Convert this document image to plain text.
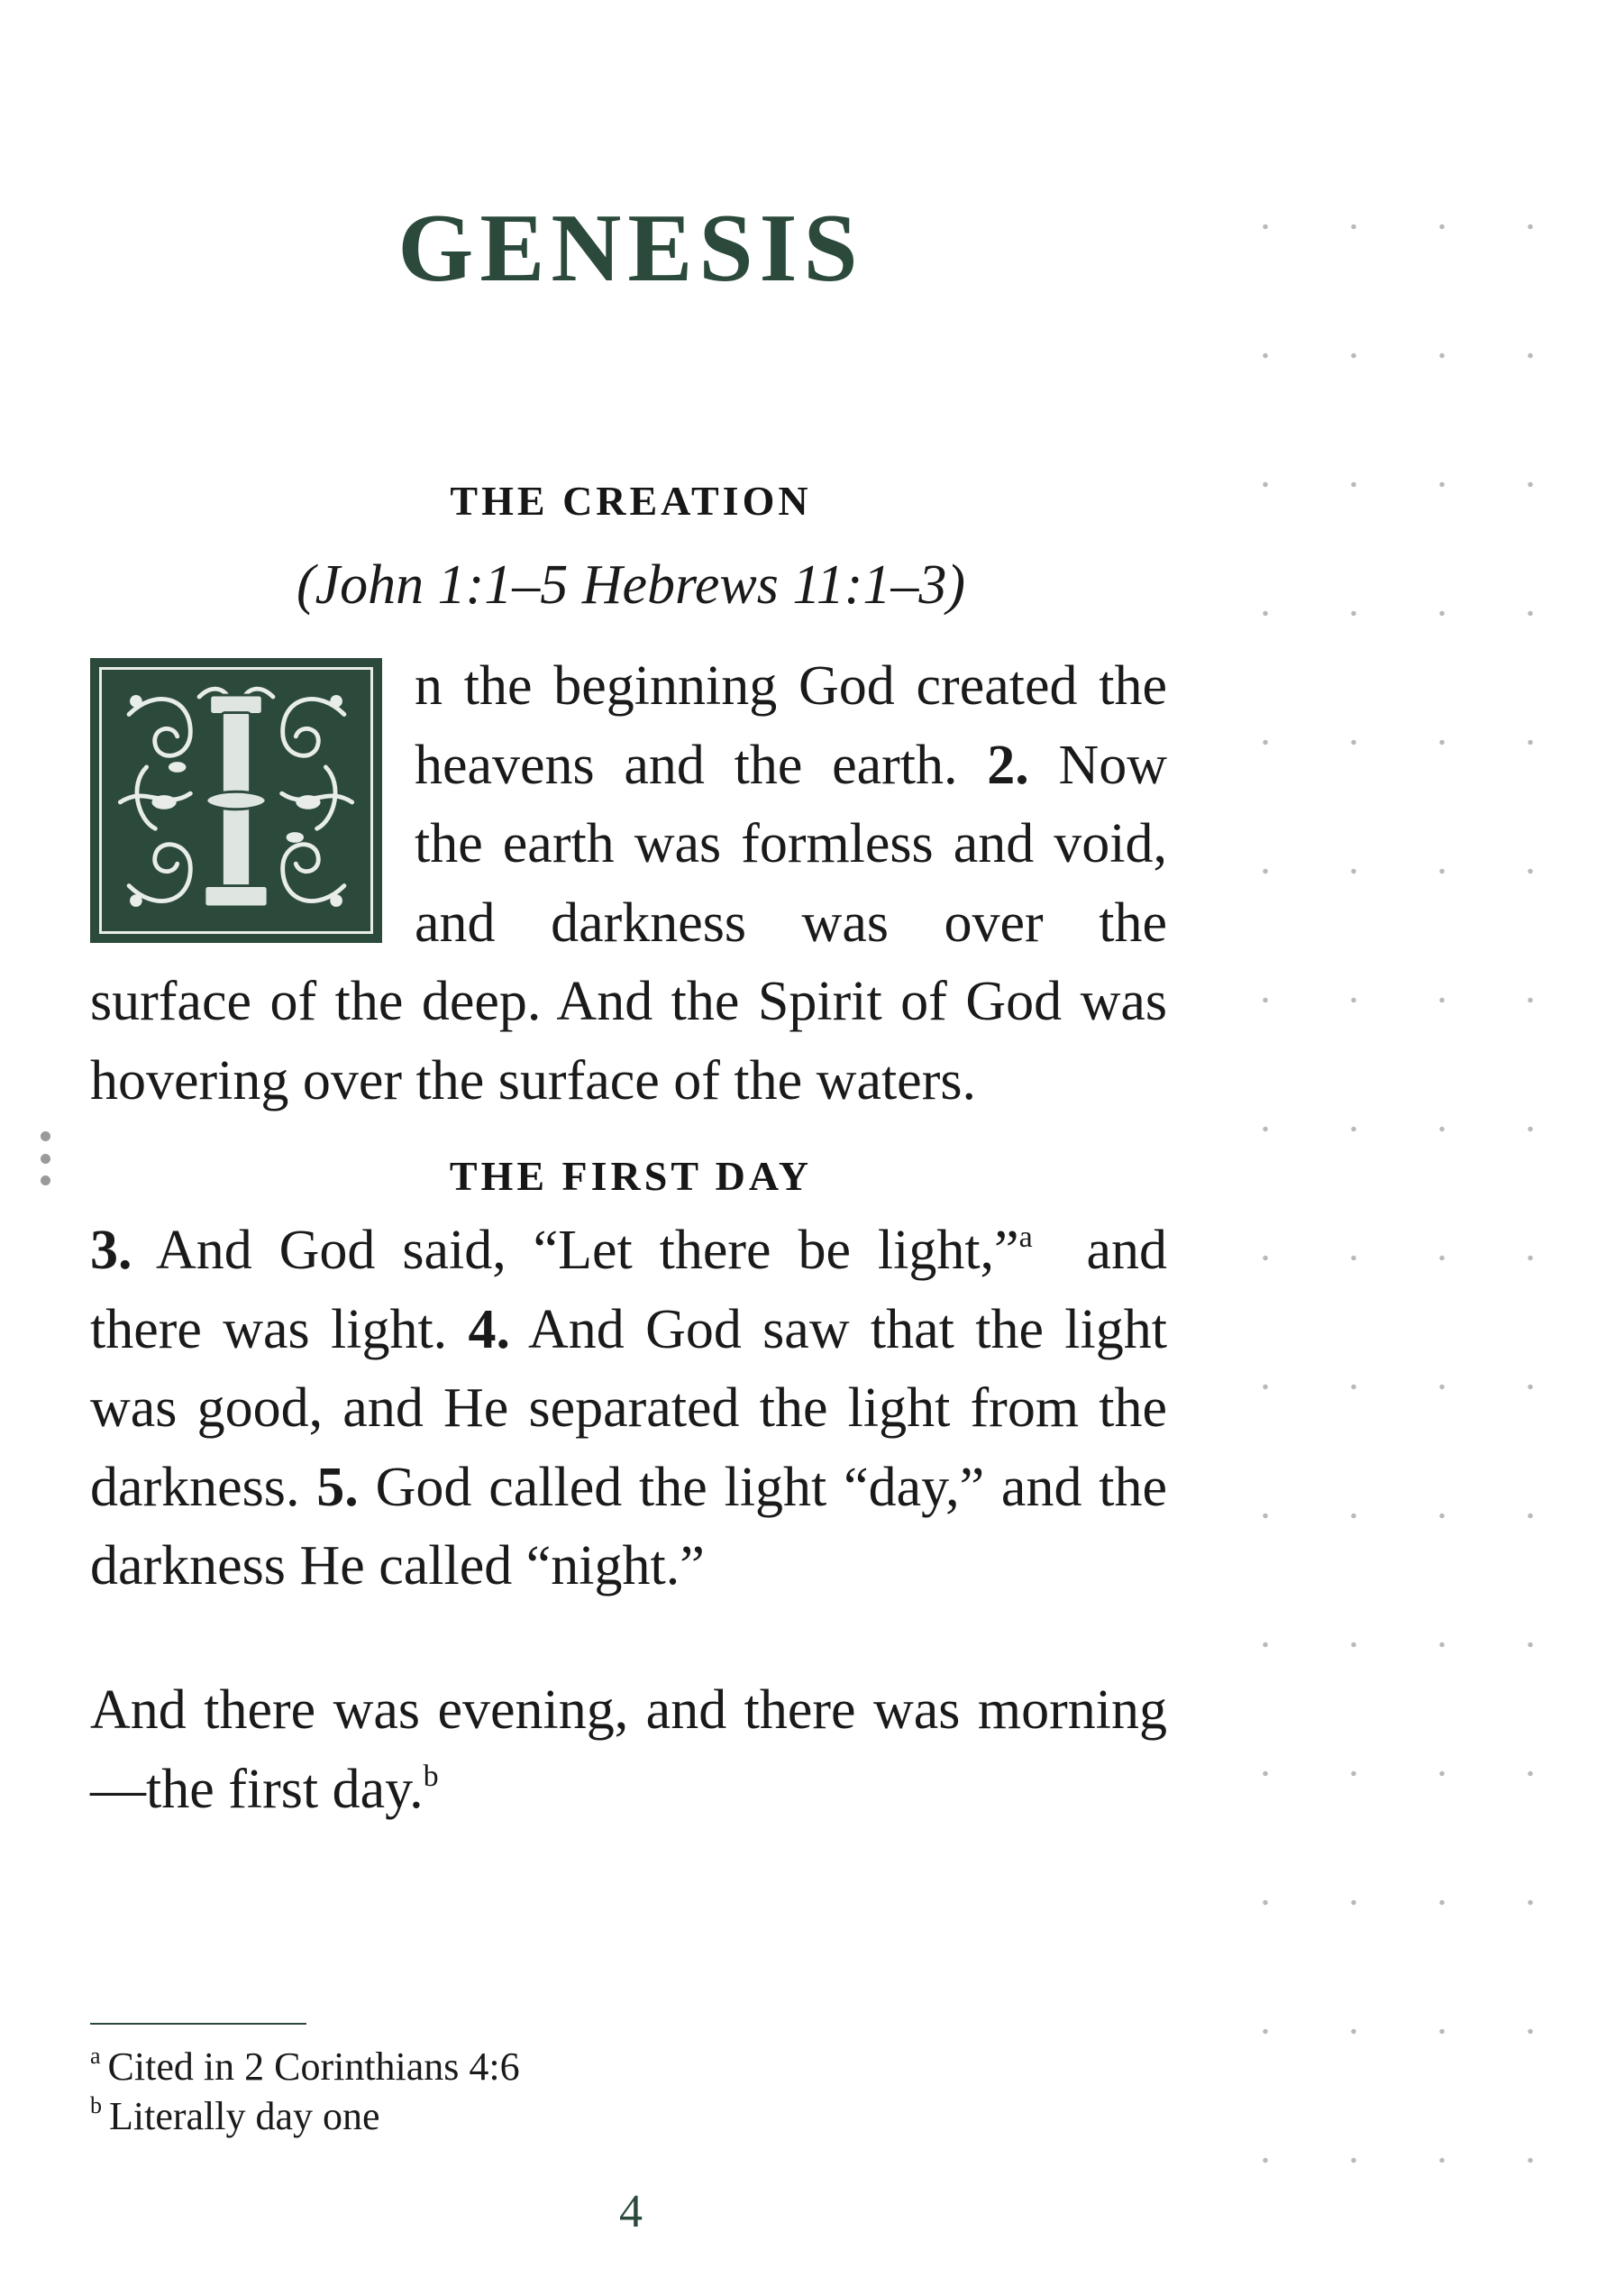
GENESIS
THE CREATION
(John 1:1–5 Hebrews 11:1–3)
n the beginning God created the heavens and the earth. 2. Now the earth was formless and void, and darkness was over the surface of the deep. And the Spirit of God was hovering over the surface of the waters.
THE FIRST DAY
3. And God said, “Let there be light,”$^a$ and there was light. 4. And God saw that the light was good, and He separated the light from the darkness. 5. God called the light “day,” and the darkness He called “night.”
And there was evening, and there was morning —the first day.$^b$
$^a$ Cited in 2 Corinthians 4:6
$^b$ Literally day one
4
